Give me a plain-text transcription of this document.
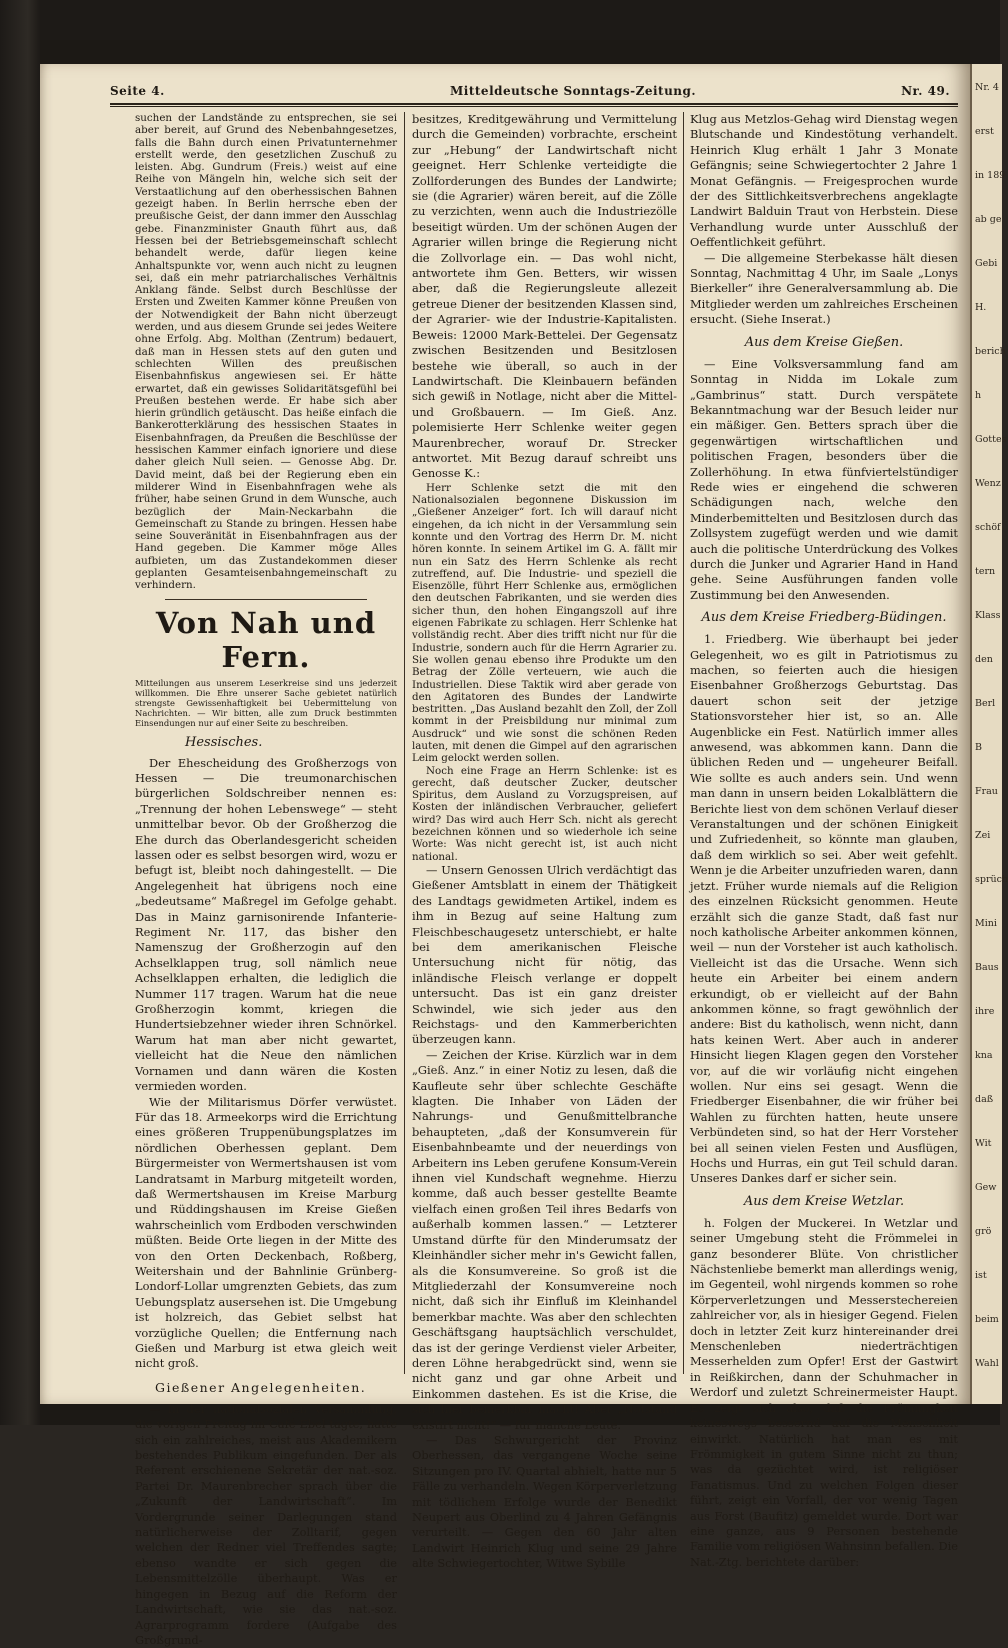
Nr. 4
erst
in 189
ab ge
Gebi
H.
berich
h
Gottes
Wenz
schöf
tern
Klass
den
Berl
B
Frau
Zei
sprüch
Mini
Baus
ihre
kna
daß
Wit
Gew
grö
ist
beim
Wahl
Seite 4.	Mitteldeutsche Sonntags-Zeitung.	Nr. 49.

suchen der Landstände zu entsprechen, sie sei aber bereit, auf Grund des Nebenbahngesetzes, falls die Bahn durch einen Privatunternehmer erstellt werde, den gesetzlichen Zuschuß zu leisten. Abg. Gundrum (Freis.) weist auf eine Reihe von Mängeln hin, welche sich seit der Verstaatlichung auf den oberhessischen Bahnen gezeigt haben. In Berlin herrsche eben der preußische Geist, der dann immer den Ausschlag gebe. Finanzminister Gnauth führt aus, daß Hessen bei der Betriebsgemeinschaft schlecht behandelt werde, dafür liegen keine Anhaltspunkte vor, wenn auch nicht zu leugnen sei, daß ein mehr patriarchalisches Verhältnis Anklang fände. Selbst durch Beschlüsse der Ersten und Zweiten Kammer könne Preußen von der Notwendigkeit der Bahn nicht überzeugt werden, und aus diesem Grunde sei jedes Weitere ohne Erfolg. Abg. Molthan (Zentrum) bedauert, daß man in Hessen stets auf den guten und schlechten Willen des preußischen Eisenbahnfiskus angewiesen sei. Er hätte erwartet, daß ein gewisses Solidaritätsgefühl bei Preußen bestehen werde. Er habe sich aber hierin gründlich getäuscht. Das heiße einfach die Bankerotterklärung des hessischen Staates in Eisenbahnfragen, da Preußen die Beschlüsse der hessischen Kammer einfach ignoriere und diese daher gleich Null seien. — Genosse Abg. Dr. David meint, daß bei der Regierung eben ein milderer Wind in Eisenbahnfragen wehe als früher, habe seinen Grund in dem Wunsche, auch bezüglich der Main-Neckarbahn die Gemeinschaft zu Stande zu bringen. Hessen habe seine Souveränität in Eisenbahnfragen aus der Hand gegeben. Die Kammer möge Alles aufbieten, um das Zustandekommen dieser geplanten Gesamteisenbahngemeinschaft zu verhindern.

Von Nah und Fern.

Mitteilungen aus unserem Leserkreise sind uns jederzeit willkommen. Die Ehre unserer Sache gebietet natürlich strengste Gewissenhaftigkeit bei Uebermittelung von Nachrichten. — Wir bitten, alle zum Druck bestimmten Einsendungen nur auf einer Seite zu beschreiben.

Hessisches.

Der Ehescheidung des Großherzogs von Hessen — Die treumonarchischen bürgerlichen Soldschreiber nennen es: „Trennung der hohen Lebenswege“ — steht unmittelbar bevor. Ob der Großherzog die Ehe durch das Oberlandesgericht scheiden lassen oder es selbst besorgen wird, wozu er befugt ist, bleibt noch dahingestellt. — Die Angelegenheit hat übrigens noch eine „bedeutsame“ Maßregel im Gefolge gehabt. Das in Mainz garnisonirende Infanterie-Regiment Nr. 117, das bisher den Namenszug der Großherzogin auf den Achselklappen trug, soll nämlich neue Achselklappen erhalten, die lediglich die Nummer 117 tragen. Warum hat die neue Großherzogin kommt, kriegen die Hundertsiebzehner wieder ihren Schnörkel. Warum hat man aber nicht gewartet, vielleicht hat die Neue den nämlichen Vornamen und dann wären die Kosten vermieden worden.

Wie der Militarismus Dörfer verwüstet. Für das 18. Armeekorps wird die Errichtung eines größeren Truppenübungsplatzes im nördlichen Oberhessen geplant. Dem Bürgermeister von Wermertshausen ist vom Landratsamt in Marburg mitgeteilt worden, daß Wermertshausen im Kreise Marburg und Rüddingshausen im Kreise Gießen wahrscheinlich vom Erdboden verschwinden müßten. Beide Orte liegen in der Mitte des von den Orten Deckenbach, Roßberg, Weitershain und der Bahnlinie Grünberg-Londorf-Lollar umgrenzten Gebiets, das zum Uebungsplatz ausersehen ist. Die Umgebung ist holzreich, das Gebiet selbst hat vorzügliche Quellen; die Entfernung nach Gießen und Marburg ist etwa gleich weit nicht groß.

Gießener Angelegenheiten.

— In der nationalsozialen Versammlung, die vorigen Freitag im Café Ebel tagte, hatte sich ein zahlreiches, meist aus Akademikern bestehendes Publikum eingefunden. Der als Referent erschienene Sekretär der nat.-soz. Partei Dr. Maurenbrecher sprach über die „Zukunft der Landwirtschaft“. Im Vordergrunde seiner Darlegungen stand natürlicherweise der Zolltarif, gegen welchen der Redner viel Treffendes sagte; ebenso wandte er sich gegen die Lebensmittelzölle überhaupt. Was er hingegen in Bezug auf die Reform der Landwirtschaft, wie sie das nat.-soz. Agrarprogramm fordere (Aufgabe des Großgrund-

besitzes, Kreditgewährung und Vermittelung durch die Gemeinden) vorbrachte, erscheint zur „Hebung“ der Landwirtschaft nicht geeignet. Herr Schlenke verteidigte die Zollforderungen des Bundes der Landwirte; sie (die Agrarier) wären bereit, auf die Zölle zu verzichten, wenn auch die Industriezölle beseitigt würden. Um der schönen Augen der Agrarier willen bringe die Regierung nicht die Zollvorlage ein. — Das wohl nicht, antwortete ihm Gen. Betters, wir wissen aber, daß die Regierungsleute allezeit getreue Diener der besitzenden Klassen sind, der Agrarier- wie der Industrie-Kapitalisten. Beweis: 12000 Mark-Bettelei. Der Gegensatz zwischen Besitzenden und Besitzlosen bestehe wie überall, so auch in der Landwirtschaft. Die Kleinbauern befänden sich gewiß in Notlage, nicht aber die Mittel- und Großbauern. — Im Gieß. Anz. polemisierte Herr Schlenke weiter gegen Maurenbrecher, worauf Dr. Strecker antwortet. Mit Bezug darauf schreibt uns Genosse K.:

Herr Schlenke setzt die mit den Nationalsozialen begonnene Diskussion im „Gießener Anzeiger“ fort. Ich will darauf nicht eingehen, da ich nicht in der Versammlung sein konnte und den Vortrag des Herrn Dr. M. nicht hören konnte. In seinem Artikel im G. A. fällt mir nun ein Satz des Herrn Schlenke als recht zutreffend, auf. Die Industrie- und speziell die Eisenzölle, führt Herr Schlenke aus, ermöglichen den deutschen Fabrikanten, und sie werden dies sicher thun, den hohen Eingangszoll auf ihre eigenen Fabrikate zu schlagen. Herr Schlenke hat vollständig recht. Aber dies trifft nicht nur für die Industrie, sondern auch für die Herrn Agrarier zu. Sie wollen genau ebenso ihre Produkte um den Betrag der Zölle verteuern, wie auch die Industriellen. Diese Taktik wird aber gerade von den Agitatoren des Bundes der Landwirte bestritten. „Das Ausland bezahlt den Zoll, der Zoll kommt in der Preisbildung nur minimal zum Ausdruck“ und wie sonst die schönen Reden lauten, mit denen die Gimpel auf den agrarischen Leim gelockt werden sollen.

Noch eine Frage an Herrn Schlenke: ist es gerecht, daß deutscher Zucker, deutscher Spiritus, dem Ausland zu Vorzugspreisen, auf Kosten der inländischen Verbraucher, geliefert wird? Das wird auch Herr Sch. nicht als gerecht bezeichnen können und so wiederhole ich seine Worte: Was nicht gerecht ist, ist auch nicht national.

— Unsern Genossen Ulrich verdächtigt das Gießener Amtsblatt in einem der Thätigkeit des Landtags gewidmeten Artikel, indem es ihm in Bezug auf seine Haltung zum Fleischbeschaugesetz unterschiebt, er halte bei dem amerikanischen Fleische Untersuchung nicht für nötig, das inländische Fleisch verlange er doppelt untersucht. Das ist ein ganz dreister Schwindel, wie sich jeder aus den Reichstags- und den Kammerberichten überzeugen kann.

— Zeichen der Krise. Kürzlich war in dem „Gieß. Anz.“ in einer Notiz zu lesen, daß die Kaufleute sehr über schlechte Geschäfte klagten. Die Inhaber von Läden der Nahrungs- und Genußmittelbranche behaupteten, „daß der Konsumverein für Eisenbahnbeamte und der neuerdings von Arbeitern ins Leben gerufene Konsum-Verein ihnen viel Kundschaft wegnehme. Hierzu komme, daß auch besser gestellte Beamte vielfach einen großen Teil ihres Bedarfs von außerhalb kommen lassen.“ — Letzterer Umstand dürfte für den Minderumsatz der Kleinhändler sicher mehr in's Gewicht fallen, als die Konsumvereine. So groß ist die Mitgliederzahl der Konsumvereine noch nicht, daß sich ihr Einfluß im Kleinhandel bemerkbar machte. Was aber den schlechten Geschäftsgang hauptsächlich verschuldet, das ist der geringe Verdienst vieler Arbeiter, deren Löhne herabgedrückt sind, wenn sie nicht ganz und gar ohne Arbeit und Einkommen dastehen. Es ist die Krise, die sich hier bemerkbar macht! Aber „Notstand existirt nicht!“ — für manche Leute.

— Das Schwurgericht der Provinz Oberhessen, das vergangene Woche seine Sitzungen pro IV. Quartal abhielt, hatte nur 5 Fälle zu verhandeln. Wegen Körperverletzung mit tödlichem Erfolge wurde der Benedikt Neupert aus Oberlind zu 4 Jahren Gefängnis verurteilt. — Gegen den 60 Jahr alten Landwirt Heinrich Klug und seine 29 Jahre alte Schwiegertochter, Witwe Sybille

Klug aus Metzlos-Gehag wird Dienstag wegen Blutschande und Kindestötung verhandelt. Heinrich Klug erhält 1 Jahr 3 Monate Gefängnis; seine Schwiegertochter 2 Jahre 1 Monat Gefängnis. — Freigesprochen wurde der des Sittlichkeitsverbrechens angeklagte Landwirt Balduin Traut von Herbstein. Diese Verhandlung wurde unter Ausschluß der Oeffentlichkeit geführt.

— Die allgemeine Sterbekasse hält diesen Sonntag, Nachmittag 4 Uhr, im Saale „Lonys Bierkeller“ ihre Generalversammlung ab. Die Mitglieder werden um zahlreiches Erscheinen ersucht. (Siehe Inserat.)

Aus dem Kreise Gießen.

— Eine Volksversammlung fand am Sonntag in Nidda im Lokale zum „Gambrinus“ statt. Durch verspätete Bekanntmachung war der Besuch leider nur ein mäßiger. Gen. Betters sprach über die gegenwärtigen wirtschaftlichen und politischen Fragen, besonders über die Zollerhöhung. In etwa fünfviertelstündiger Rede wies er eingehend die schweren Schädigungen nach, welche den Minderbemittelten und Besitzlosen durch das Zollsystem zugefügt werden und wie damit auch die politische Unterdrückung des Volkes durch die Junker und Agrarier Hand in Hand gehe. Seine Ausführungen fanden volle Zustimmung bei den Anwesenden.

Aus dem Kreise Friedberg-Büdingen.

1. Friedberg. Wie überhaupt bei jeder Gelegenheit, wo es gilt in Patriotismus zu machen, so feierten auch die hiesigen Eisenbahner Großherzogs Geburtstag. Das dauert schon seit der jetzige Stationsvorsteher hier ist, so an. Alle Augenblicke ein Fest. Natürlich immer alles anwesend, was abkommen kann. Dann die üblichen Reden und — ungeheurer Beifall. Wie sollte es auch anders sein. Und wenn man dann in unsern beiden Lokalblättern die Berichte liest von dem schönen Verlauf dieser Veranstaltungen und der schönen Einigkeit und Zufriedenheit, so könnte man glauben, daß dem wirklich so sei. Aber weit gefehlt. Wenn je die Arbeiter unzufrieden waren, dann jetzt. Früher wurde niemals auf die Religion des einzelnen Rücksicht genommen. Heute erzählt sich die ganze Stadt, daß fast nur noch katholische Arbeiter ankommen können, weil — nun der Vorsteher ist auch katholisch. Vielleicht ist das die Ursache. Wenn sich heute ein Arbeiter bei einem andern erkundigt, ob er vielleicht auf der Bahn ankommen könne, so fragt gewöhnlich der andere: Bist du katholisch, wenn nicht, dann hats keinen Wert. Aber auch in anderer Hinsicht liegen Klagen gegen den Vorsteher vor, auf die wir vorläufig nicht eingehen wollen. Nur eins sei gesagt. Wenn die Friedberger Eisenbahner, die wir früher bei Wahlen zu fürchten hatten, heute unsere Verbündeten sind, so hat der Herr Vorsteher bei all seinen vielen Festen und Ausflügen, Hochs und Hurras, ein gut Teil schuld daran. Unseres Dankes darf er sicher sein.

Aus dem Kreise Wetzlar.

h. Folgen der Muckerei. In Wetzlar und seiner Umgebung steht die Frömmelei in ganz besonderer Blüte. Von christlicher Nächstenliebe bemerkt man allerdings wenig, im Gegenteil, wohl nirgends kommen so rohe Körperverletzungen und Messerstechereien zahlreicher vor, als in hiesiger Gegend. Fielen doch in letzter Zeit kurz hintereinander drei Menschenleben niederträchtigen Messerhelden zum Opfer! Erst der Gastwirt in Reißkirchen, dann der Schuhmacher in Werdorf und zuletzt Schreinermeister Haupt. Es zeigt sich also, daß die Frömmigkeit keineswegs bessernd auf die Menschheit einwirkt. Natürlich hat man es mit Frömmigkeit in gutem Sinne nicht zu thun; was da gezüchtet wird, ist religiöser Fanatismus. Und zu welchen Folgen dieser führt, zeigt ein Vorfall, der vor wenig Tagen aus Forst (Baufitz) gemeldet wurde. Dort war eine ganze, aus 9 Personen bestehende Familie vom religiösen Wahnsinn befallen. Die Nat.-Ztg. berichtete darüber:
